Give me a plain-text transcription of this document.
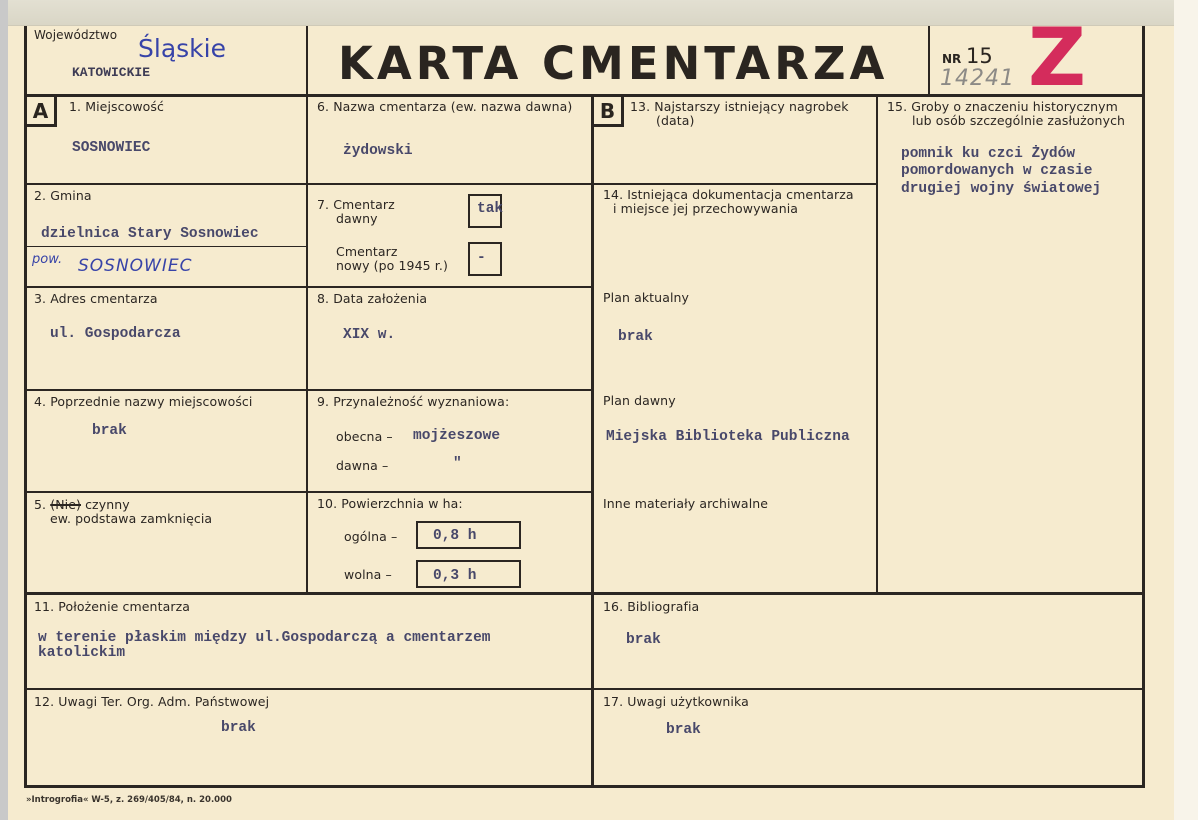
Województwo Śląskie
KATOWICKIE	KARTA CMENTARZA	NR 15
14241 Z
A	B
1. Miejscowość
SOSNOWIEC
2. Gmina
dzielnica Stary Sosnowiec
pow. SOSNOWIEC
3. Adres cmentarza
ul. Gospodarcza
4. Poprzednie nazwy miejscowości
brak
5. (Nie) czynny
ew. podstawa zamknięcia
6. Nazwa cmentarza (ew. nazwa dawna)
żydowski
7. Cmentarz
dawny
tak
Cmentarz
nowy (po 1945 r.) -
8. Data założenia
XIX w.
9. Przynależność wyznaniowa:
obecna – mojżeszowe
dawna –	"
10. Powierzchnia w ha:
ogólna – 0,8 h
wolna –	0,3 h
11. Położenie cmentarza
w terenie płaskim między ul.Gospodarczą a cmentarzem
katolickim
12. Uwagi Ter. Org. Adm. Państwowej
brak
13. Najstarszy istniejący nagrobek
(data)
14. Istniejąca dokumentacja cmentarza
i miejsce jej przechowywania
Plan aktualny
brak
Plan dawny
Miejska Biblioteka Publiczna
Inne materiały archiwalne
15. Groby o znaczeniu historycznym
lub osób szczególnie zasłużonych
pomnik ku czci Żydów
pomordowanych w czasie
drugiej wojny światowej
16. Bibliografia
brak
17. Uwagi użytkownika
brak
»Introgrofia« W-5, z. 269/405/84, n. 20.000
